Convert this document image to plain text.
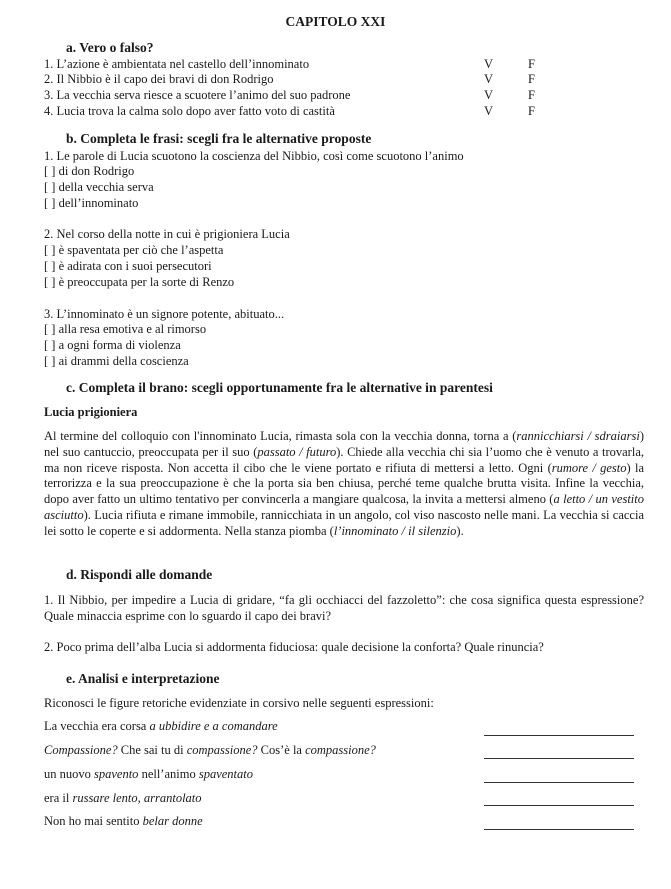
CAPITOLO XXI
a. Vero o falso?
1. L’azione è ambientata nel castello dell’innominato
2. Il Nibbio è il capo dei bravi di don Rodrigo
3. La vecchia serva riesce a scuotere l’animo del suo padrone
4. Lucia trova la calma solo dopo aver fatto voto di castità
V
V
V
V
F
F
F
F
b. Completa le frasi: scegli fra le alternative proposte
1. Le parole di Lucia scuotono la coscienza del Nibbio, così come scuotono l’animo
[ ] di don Rodrigo
[ ] della vecchia serva
[ ] dell’innominato
2. Nel corso della notte in cui è prigioniera Lucia
[ ] è spaventata per ciò che l’aspetta
[ ] è adirata con i suoi persecutori
[ ] è preoccupata per la sorte di Renzo
3. L’innominato è un signore potente, abituato...
[ ] alla resa emotiva e al rimorso
[ ] a ogni forma di violenza
[ ] ai drammi della coscienza
c. Completa il brano: scegli opportunamente fra le alternative in parentesi
Lucia prigioniera
Al termine del colloquio con l'innominato Lucia, rimasta sola con la vecchia donna, torna a (rannicchiarsi / sdraiarsi) nel suo cantuccio, preoccupata per il suo (passato / futuro). Chiede alla vecchia chi sia l’uomo che è venuto a trovarla, ma non riceve risposta. Non accetta il cibo che le viene portato e rifiuta di mettersi a letto. Ogni (rumore / gesto) la terrorizza e la sua preoccupazione è che la porta sia ben chiusa, perché teme qualche brutta visita. Infine la vecchia, dopo aver fatto un ultimo tentativo per convincerla a mangiare qualcosa, la invita a mettersi almeno (a letto / un vestito asciutto). Lucia rifiuta e rimane immobile, rannicchiata in un angolo, col viso nascosto nelle mani. La vecchia si caccia lei sotto le coperte e si addormenta. Nella stanza piomba (l’innominato / il silenzio).
d. Rispondi alle domande
1. Il Nibbio, per impedire a Lucia di gridare, “fa gli occhiacci del fazzoletto”: che cosa significa questa espressione? Quale minaccia esprime con lo sguardo il capo dei bravi?
2. Poco prima dell’alba Lucia si addormenta fiduciosa: quale decisione la conforta? Quale rinuncia?
e. Analisi e interpretazione
Riconosci le figure retoriche evidenziate in corsivo nelle seguenti espressioni:
La vecchia era corsa a ubbidire e a comandare
Compassione? Che sai tu di compassione? Cos’è la compassione?
un nuovo spavento nell’animo spaventato
era il russare lento, arrantolato
Non ho mai sentito belar donne
